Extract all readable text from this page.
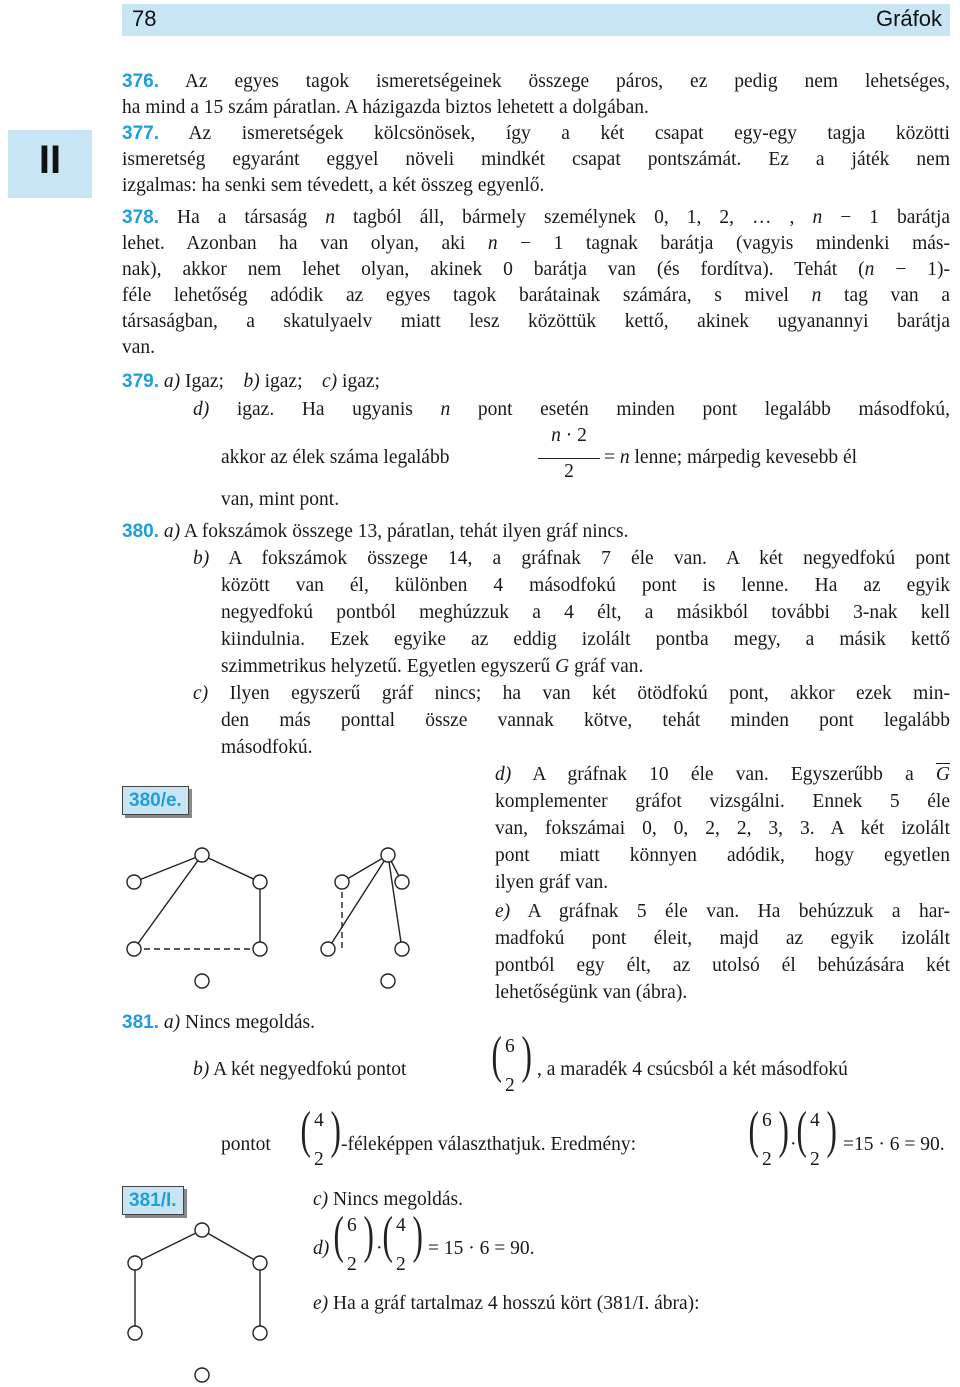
78	Gráfok
II
376. Az egyes tagok ismeretségeinek összege páros, ez pedig nem lehetséges,
ha mind a 15 szám páratlan. A házigazda biztos lehetett a dolgában.
377. Az ismeretségek kölcsönösek, így a két csapat egy-egy tagja közötti
ismeretség egyaránt eggyel növeli mindkét csapat pontszámát. Ez a játék nem
izgalmas: ha senki sem tévedett, a két összeg egyenlő.
378. Ha a társaság n tagból áll, bármely személynek 0, 1, 2, … , n − 1 barátja
lehet. Azonban ha van olyan, aki n − 1 tagnak barátja (vagyis mindenki más-
nak), akkor nem lehet olyan, akinek 0 barátja van (és fordítva). Tehát (n − 1)-
féle lehetőség adódik az egyes tagok barátainak számára, s mivel n tag van a
társaságban, a skatulyaelv miatt lesz közöttük kettő, akinek ugyanannyi barátja
van.
379. a) Igaz; b) igaz; c) igaz;
d) igaz. Ha ugyanis n pont esetén minden pont legalább másodfokú,
akkor az élek száma legalább
n · 2
2
= n lenne; márpedig kevesebb él
van, mint pont.
380. a) A fokszámok összege 13, páratlan, tehát ilyen gráf nincs.
b) A fokszámok összege 14, a gráfnak 7 éle van. A két negyedfokú pont
között van él, különben 4 másodfokú pont is lenne. Ha az egyik
negyedfokú pontból meghúzzuk a 4 élt, a másikból további 3-nak kell
kiindulnia. Ezek egyike az eddig izolált pontba megy, a másik kettő
szimmetrikus helyzetű. Egyetlen egyszerű G gráf van.
c) Ilyen egyszerű gráf nincs; ha van két ötödfokú pont, akkor ezek min-
den más ponttal össze vannak kötve, tehát minden pont legalább
másodfokú.
380/e.
d) A gráfnak 10 éle van. Egyszerűbb a $\overline{G}$
komplementer gráfot vizsgálni. Ennek 5 éle
van, fokszámai 0, 0, 2, 2, 3, 3. A két izolált
pont miatt könnyen adódik, hogy egyetlen
ilyen gráf van.
e) A gráfnak 5 éle van. Ha behúzzuk a har-
madfokú pont éleit, majd az egyik izolált
pontból egy élt, az utolsó él behúzására két
lehetőségünk van (ábra).
381. a) Nincs megoldás.
b) A két negyedfokú pontot ( 6
2
) , a maradék 4 csúcsból a két másodfokú
pontot ( 4
2
) -féleképpen választhatjuk. Eredmény: ( 6
2
) · ( 4
2
) =15 · 6 = 90.
381/I.	c) Nincs megoldás.
d) ( 6
2
) · ( 4
2
) = 15 · 6 = 90.
e) Ha a gráf tartalmaz 4 hosszú kört (381/I. ábra):
